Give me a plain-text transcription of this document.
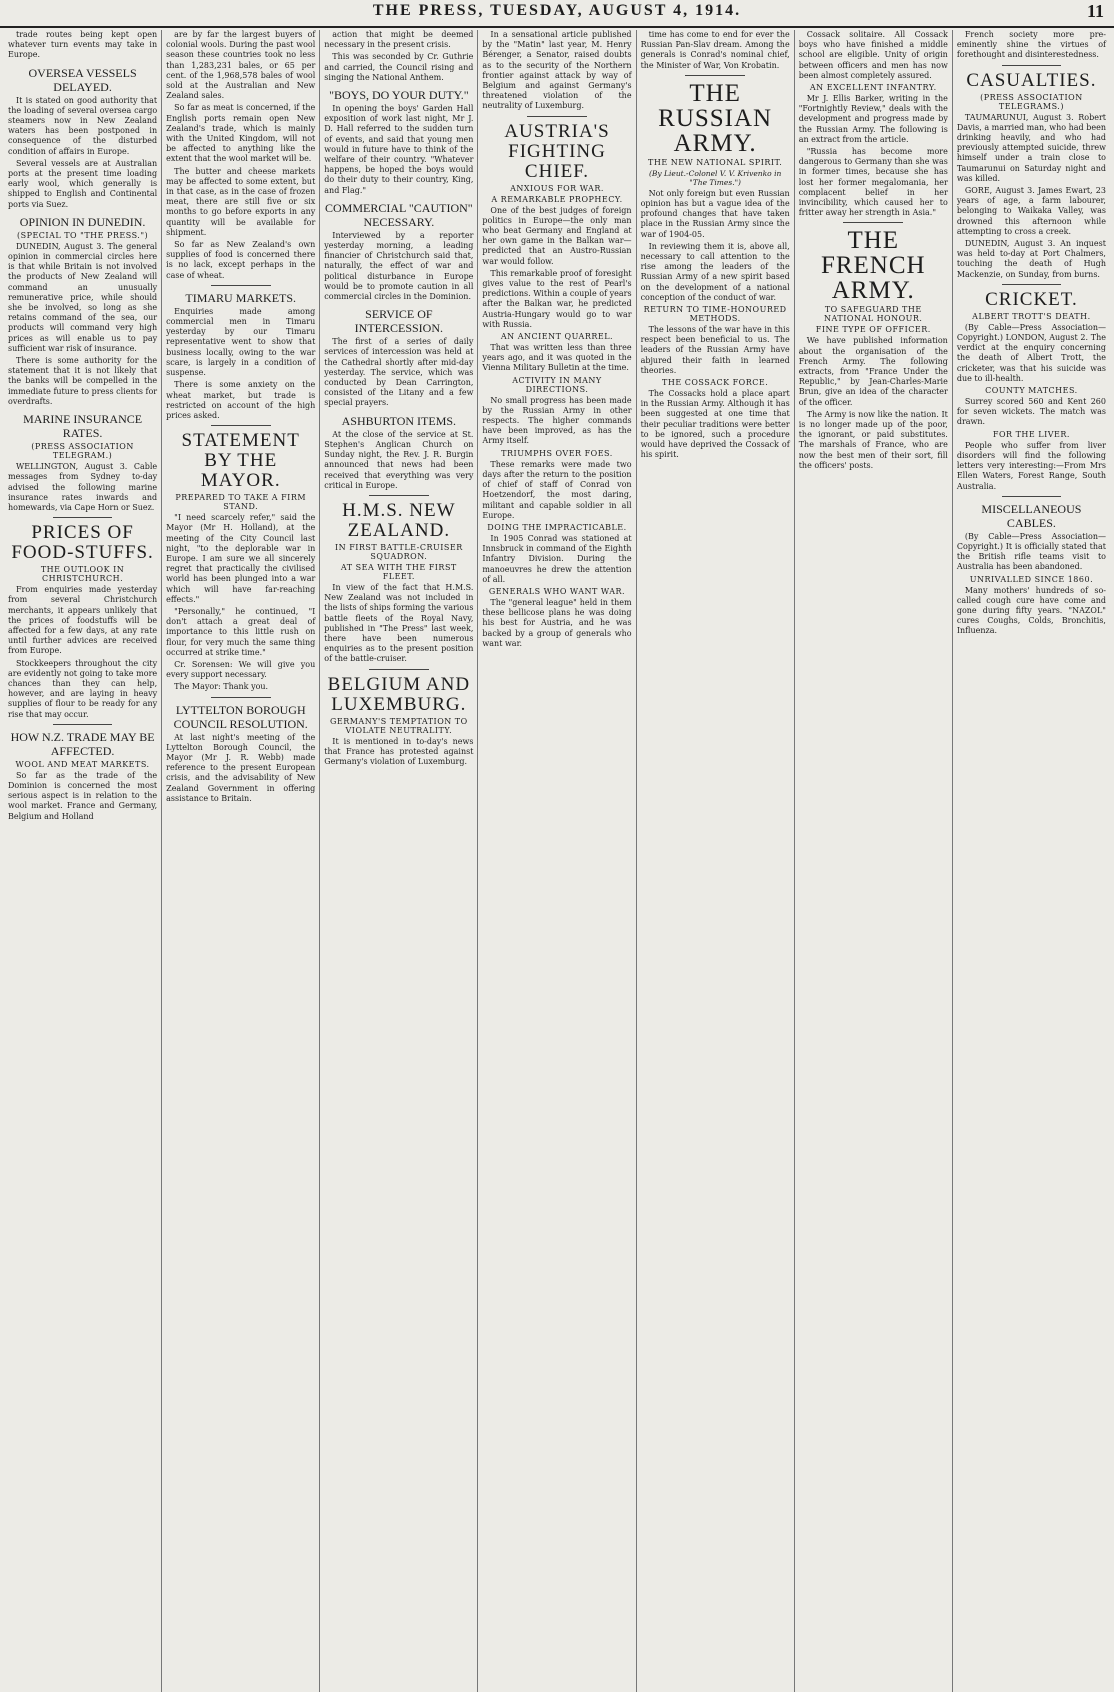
THE PRESS, TUESDAY, AUGUST 4, 1914.	11

trade routes being kept open whatever turn events may take in Europe.

OVERSEA VESSELS DELAYED.

It is stated on good authority that the loading of several oversea cargo steamers now in New Zealand waters has been postponed in consequence of the disturbed condition of affairs in Europe.

Several vessels are at Australian ports at the present time loading early wool, which generally is shipped to English and Continental ports via Suez.

OPINION IN DUNEDIN.
(SPECIAL TO "THE PRESS.")

DUNEDIN, August 3. The general opinion in commercial circles here is that while Britain is not involved the products of New Zealand will command an unusually remunerative price, while should she be involved, so long as she retains command of the sea, our products will command very high prices as will enable us to pay sufficient war risk of insurance.

There is some authority for the statement that it is not likely that the banks will be compelled in the immediate future to press clients for overdrafts.

MARINE INSURANCE RATES.
(PRESS ASSOCIATION TELEGRAM.)

WELLINGTON, August 3. Cable messages from Sydney to-day advised the following marine insurance rates inwards and homewards, via Cape Horn or Suez.

PRICES OF FOOD-STUFFS.
THE OUTLOOK IN CHRISTCHURCH.

From enquiries made yesterday from several Christchurch merchants, it appears unlikely that the prices of foodstuffs will be affected for a few days, at any rate until further advices are received from Europe.

Stockkeepers throughout the city are evidently not going to take more chances than they can help, however, and are laying in heavy supplies of flour to be ready for any rise that may occur.

HOW N.Z. TRADE MAY BE AFFECTED.
WOOL AND MEAT MARKETS.

So far as the trade of the Dominion is concerned the most serious aspect is in relation to the wool market. France and Germany, Belgium and Holland

are by far the largest buyers of colonial wools. During the past wool season these countries took no less than 1,283,231 bales, or 65 per cent. of the 1,968,578 bales of wool sold at the Australian and New Zealand sales.

So far as meat is concerned, if the English ports remain open New Zealand's trade, which is mainly with the United Kingdom, will not be affected to anything like the extent that the wool market will be.

The butter and cheese markets may be affected to some extent, but in that case, as in the case of frozen meat, there are still five or six months to go before exports in any quantity will be available for shipment.

So far as New Zealand's own supplies of food is concerned there is no lack, except perhaps in the case of wheat.

TIMARU MARKETS.

Enquiries made among commercial men in Timaru yesterday by our Timaru representative went to show that business locally, owing to the war scare, is largely in a condition of suspense.

There is some anxiety on the wheat market, but trade is restricted on account of the high prices asked.

STATEMENT BY THE MAYOR.
PREPARED TO TAKE A FIRM STAND.

"I need scarcely refer," said the Mayor (Mr H. Holland), at the meeting of the City Council last night, "to the deplorable war in Europe. I am sure we all sincerely regret that practically the civilised world has been plunged into a war which will have far-reaching effects."

"Personally," he continued, "I don't attach a great deal of importance to this little rush on flour, for very much the same thing occurred at strike time."

Cr. Sorensen: We will give you every support necessary.

The Mayor: Thank you.

LYTTELTON BOROUGH COUNCIL RESOLUTION.

At last night's meeting of the Lyttelton Borough Council, the Mayor (Mr J. R. Webb) made reference to the present European crisis, and the advisability of New Zealand Government in offering assistance to Britain.

action that might be deemed necessary in the present crisis.

This was seconded by Cr. Guthrie and carried, the Council rising and singing the National Anthem.

"BOYS, DO YOUR DUTY."

In opening the boys' Garden Hall exposition of work last night, Mr J. D. Hall referred to the sudden turn of events, and said that young men would in future have to think of the welfare of their country. "Whatever happens, be hoped the boys would do their duty to their country, King, and Flag."

COMMERCIAL "CAUTION" NECESSARY.

Interviewed by a reporter yesterday morning, a leading financier of Christchurch said that, naturally, the effect of war and political disturbance in Europe would be to promote caution in all commercial circles in the Dominion.

SERVICE OF INTERCESSION.

The first of a series of daily services of intercession was held at the Cathedral shortly after mid-day yesterday. The service, which was conducted by Dean Carrington, consisted of the Litany and a few special prayers.

ASHBURTON ITEMS.

At the close of the service at St. Stephen's Anglican Church on Sunday night, the Rev. J. R. Burgin announced that news had been received that everything was very critical in Europe.

H.M.S. NEW ZEALAND.
IN FIRST BATTLE-CRUISER SQUADRON.
AT SEA WITH THE FIRST FLEET.

In view of the fact that H.M.S. New Zealand was not included in the lists of ships forming the various battle fleets of the Royal Navy, published in "The Press" last week, there have been numerous enquiries as to the present position of the battle-cruiser.

BELGIUM AND LUXEMBURG.
GERMANY'S TEMPTATION TO VIOLATE NEUTRALITY.

It is mentioned in to-day's news that France has protested against Germany's violation of Luxemburg.

In a sensational article published by the "Matin" last year, M. Henry Bérenger, a Senator, raised doubts as to the security of the Northern frontier against attack by way of Belgium and against Germany's threatened violation of the neutrality of Luxemburg.

AUSTRIA'S FIGHTING CHIEF.
ANXIOUS FOR WAR.
A REMARKABLE PROPHECY.

One of the best judges of foreign politics in Europe—the only man who beat Germany and England at her own game in the Balkan war—predicted that an Austro-Russian war would follow.

This remarkable proof of foresight gives value to the rest of Pearl's predictions. Within a couple of years after the Balkan war, he predicted Austria-Hungary would go to war with Russia.

AN ANCIENT QUARREL.

That was written less than three years ago, and it was quoted in the Vienna Military Bulletin at the time.

ACTIVITY IN MANY DIRECTIONS.

No small progress has been made by the Russian Army in other respects. The higher commands have been improved, as has the Army itself.

TRIUMPHS OVER FOES.

These remarks were made two days after the return to the position of chief of staff of Conrad von Hoetzendorf, the most daring, militant and capable soldier in all Europe.

DOING THE IMPRACTICABLE.

In 1905 Conrad was stationed at Innsbruck in command of the Eighth Infantry Division. During the manoeuvres he drew the attention of all.

GENERALS WHO WANT WAR.

The "general league" held in them these bellicose plans he was doing his best for Austria, and he was backed by a group of generals who want war.

time has come to end for ever the Russian Pan-Slav dream. Among the generals is Conrad's nominal chief, the Minister of War, Von Krobatin.

THE RUSSIAN ARMY.
THE NEW NATIONAL SPIRIT.
(By Lieut.-Colonel V. V. Krivenko in "The Times.")

Not only foreign but even Russian opinion has but a vague idea of the profound changes that have taken place in the Russian Army since the war of 1904-05.

In reviewing them it is, above all, necessary to call attention to the rise among the leaders of the Russian Army of a new spirit based on the development of a national conception of the conduct of war.

RETURN TO TIME-HONOURED METHODS.

The lessons of the war have in this respect been beneficial to us. The leaders of the Russian Army have abjured their faith in learned theories.

THE COSSACK FORCE.

The Cossacks hold a place apart in the Russian Army. Although it has been suggested at one time that their peculiar traditions were better to be ignored, such a procedure would have deprived the Cossack of his spirit.

Cossack solitaire. All Cossack boys who have finished a middle school are eligible. Unity of origin between officers and men has now been almost completely assured.

AN EXCELLENT INFANTRY.

Mr J. Ellis Barker, writing in the "Fortnightly Review," deals with the development and progress made by the Russian Army. The following is an extract from the article.

"Russia has become more dangerous to Germany than she was in former times, because she has lost her former megalomania, her complacent belief in her invincibility, which caused her to fritter away her strength in Asia."

THE FRENCH ARMY.
TO SAFEGUARD THE NATIONAL HONOUR.
FINE TYPE OF OFFICER.

We have published information about the organisation of the French Army. The following extracts, from "France Under the Republic," by Jean-Charles-Marie Brun, give an idea of the character of the officer.

The Army is now like the nation. It is no longer made up of the poor, the ignorant, or paid substitutes. The marshals of France, who are now the best men of their sort, fill the officers' posts.

French society more pre-eminently shine the virtues of forethought and disinterestedness.

CASUALTIES.
(PRESS ASSOCIATION TELEGRAMS.)

TAUMARUNUI, August 3. Robert Davis, a married man, who had been drinking heavily, and who had previously attempted suicide, threw himself under a train close to Taumarunui on Saturday night and was killed.

GORE, August 3. James Ewart, 23 years of age, a farm labourer, belonging to Waikaka Valley, was drowned this afternoon while attempting to cross a creek.

DUNEDIN, August 3. An inquest was held to-day at Port Chalmers, touching the death of Hugh Mackenzie, on Sunday, from burns.

CRICKET.
ALBERT TROTT'S DEATH.

(By Cable—Press Association—Copyright.) LONDON, August 2. The verdict at the enquiry concerning the death of Albert Trott, the cricketer, was that his suicide was due to ill-health.

COUNTY MATCHES.

Surrey scored 560 and Kent 260 for seven wickets. The match was drawn.

FOR THE LIVER.

People who suffer from liver disorders will find the following letters very interesting:—From Mrs Ellen Waters, Forest Range, South Australia.

MISCELLANEOUS CABLES.

(By Cable—Press Association—Copyright.) It is officially stated that the British rifle teams visit to Australia has been abandoned.

UNRIVALLED SINCE 1860.

Many mothers' hundreds of so-called cough cure have come and gone during fifty years. "NAZOL" cures Coughs, Colds, Bronchitis, Influenza.
